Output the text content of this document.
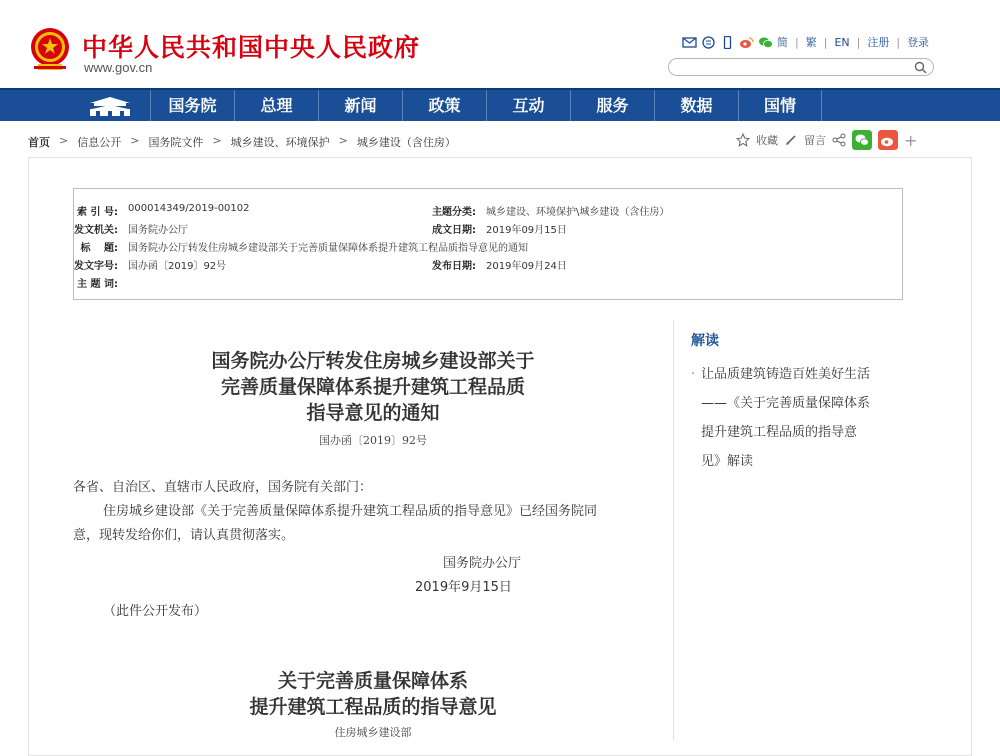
中华人民共和国中央人民政府
www.gov.cn
简 | 繁 | EN | 注册 | 登录
国务院	总理	新闻	政策	互动	服务	数据	国情
首页 > 信息公开 > 国务院文件 > 城乡建设、环境保护 > 城乡建设（含住房）	收藏 留言	+
索 引 号:	000014349/2019-00102	主题分类:	城乡建设、环境保护\城乡建设（含住房）
发文机关:	国务院办公厅	成文日期:	2019年09月15日
标　 题:	国务院办公厅转发住房城乡建设部关于完善质量保障体系提升建筑工程品质指导意见的通知
发文字号:	国办函〔2019〕92号	发布日期:	2019年09月24日
主 题 词:
国务院办公厅转发住房城乡建设部关于
完善质量保障体系提升建筑工程品质
指导意见的通知
国办函〔2019〕92号
各省、自治区、直辖市人民政府，国务院有关部门：
住房城乡建设部《关于完善质量保障体系提升建筑工程品质的指导意见》已经国务院同
意，现转发给你们，请认真贯彻落实。
国务院办公厅
2019年9月15日
（此件公开发布）
关于完善质量保障体系
提升建筑工程品质的指导意见
住房城乡建设部
解读
· 让品质建筑铸造百姓美好生活
——《关于完善质量保障体系
提升建筑工程品质的指导意
见》解读
